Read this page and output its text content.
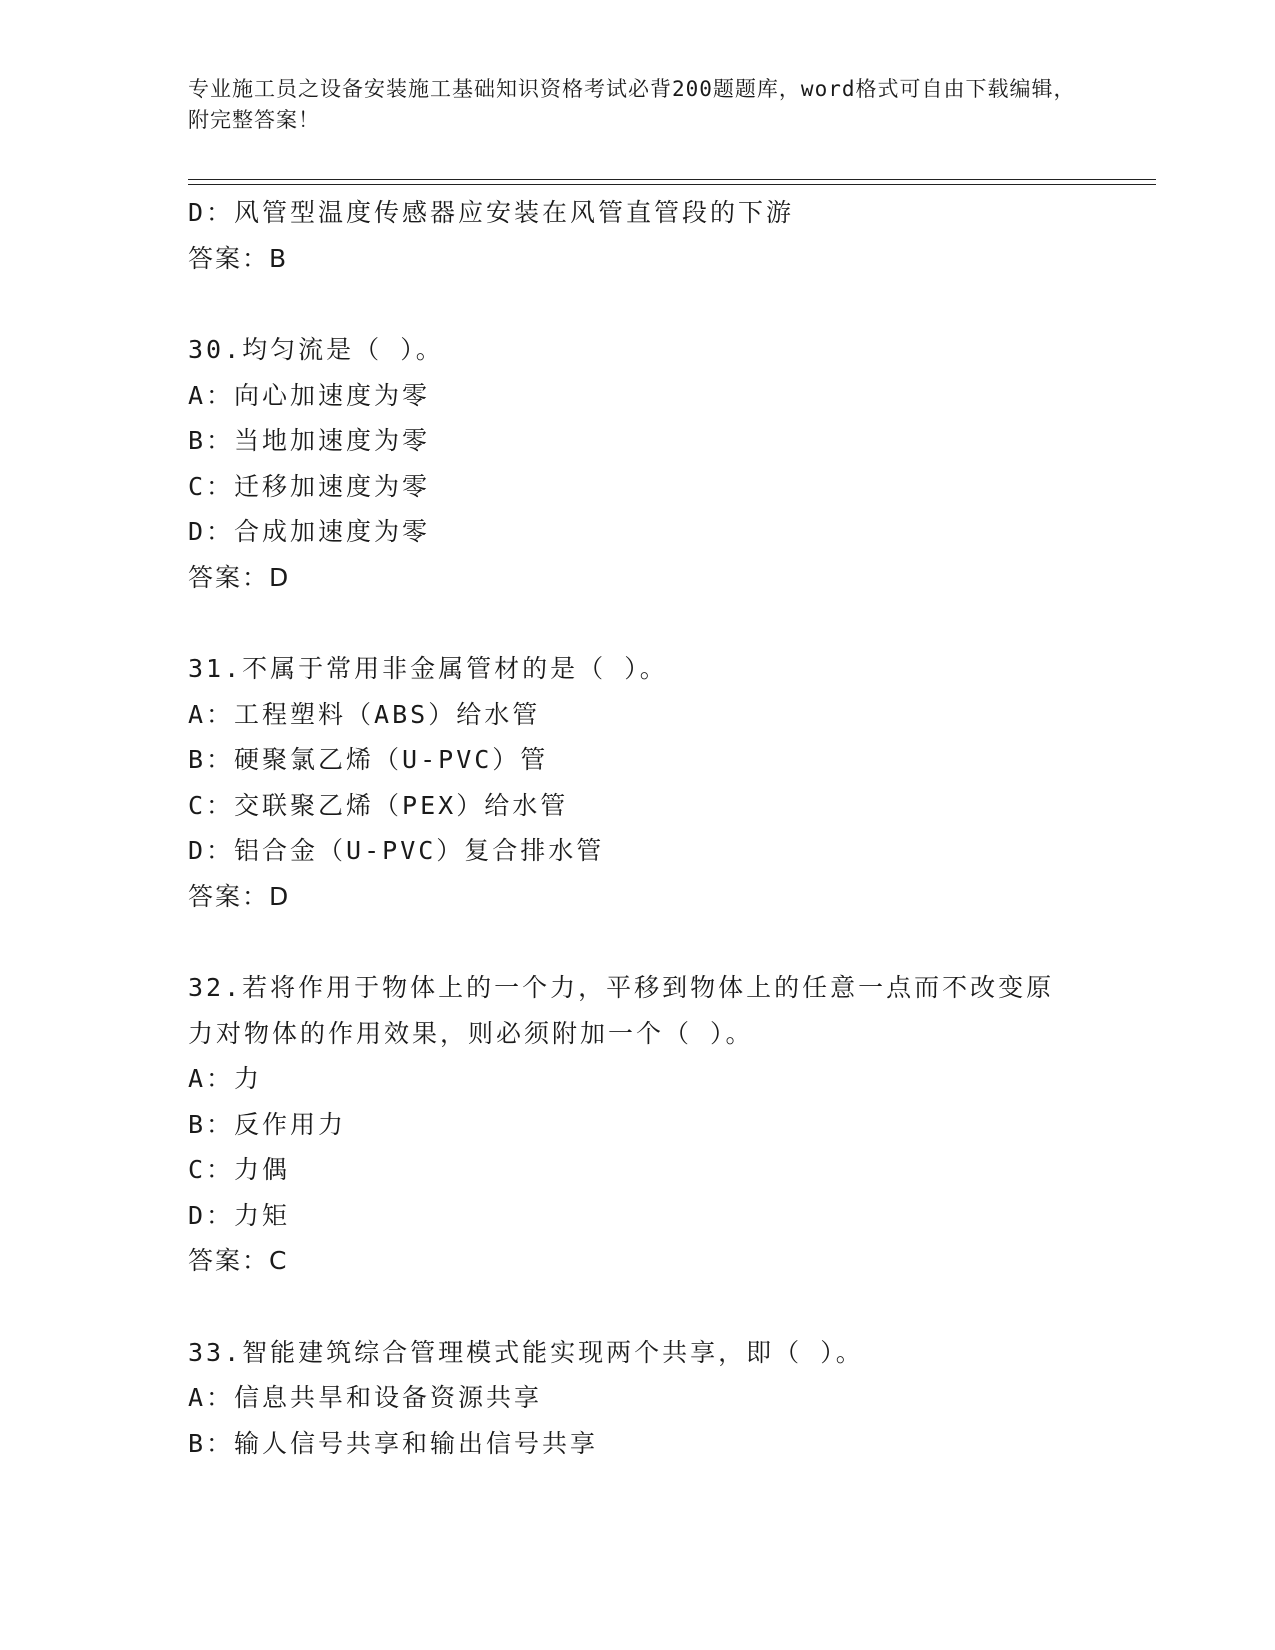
专业施工员之设备安装施工基础知识资格考试必背200题题库，word格式可自由下载编辑，附完整答案！
D：风管型温度传感器应安装在风管直管段的下游
答案：B
30.均匀流是（ ）。
A：向心加速度为零
B：当地加速度为零
C：迁移加速度为零
D：合成加速度为零
答案：D
31.不属于常用非金属管材的是（ ）。
A：工程塑料（ABS）给水管
B：硬聚氯乙烯（U-PVC）管
C：交联聚乙烯（PEX）给水管
D：铝合金（U-PVC）复合排水管
答案：D
32.若将作用于物体上的一个力，平移到物体上的任意一点而不改变原力对物体的作用效果，则必须附加一个（ ）。
A：力
B：反作用力
C：力偶
D：力矩
答案：C
33.智能建筑综合管理模式能实现两个共享，即（ ）。
A：信息共旱和设备资源共享
B：输人信号共享和输出信号共享
